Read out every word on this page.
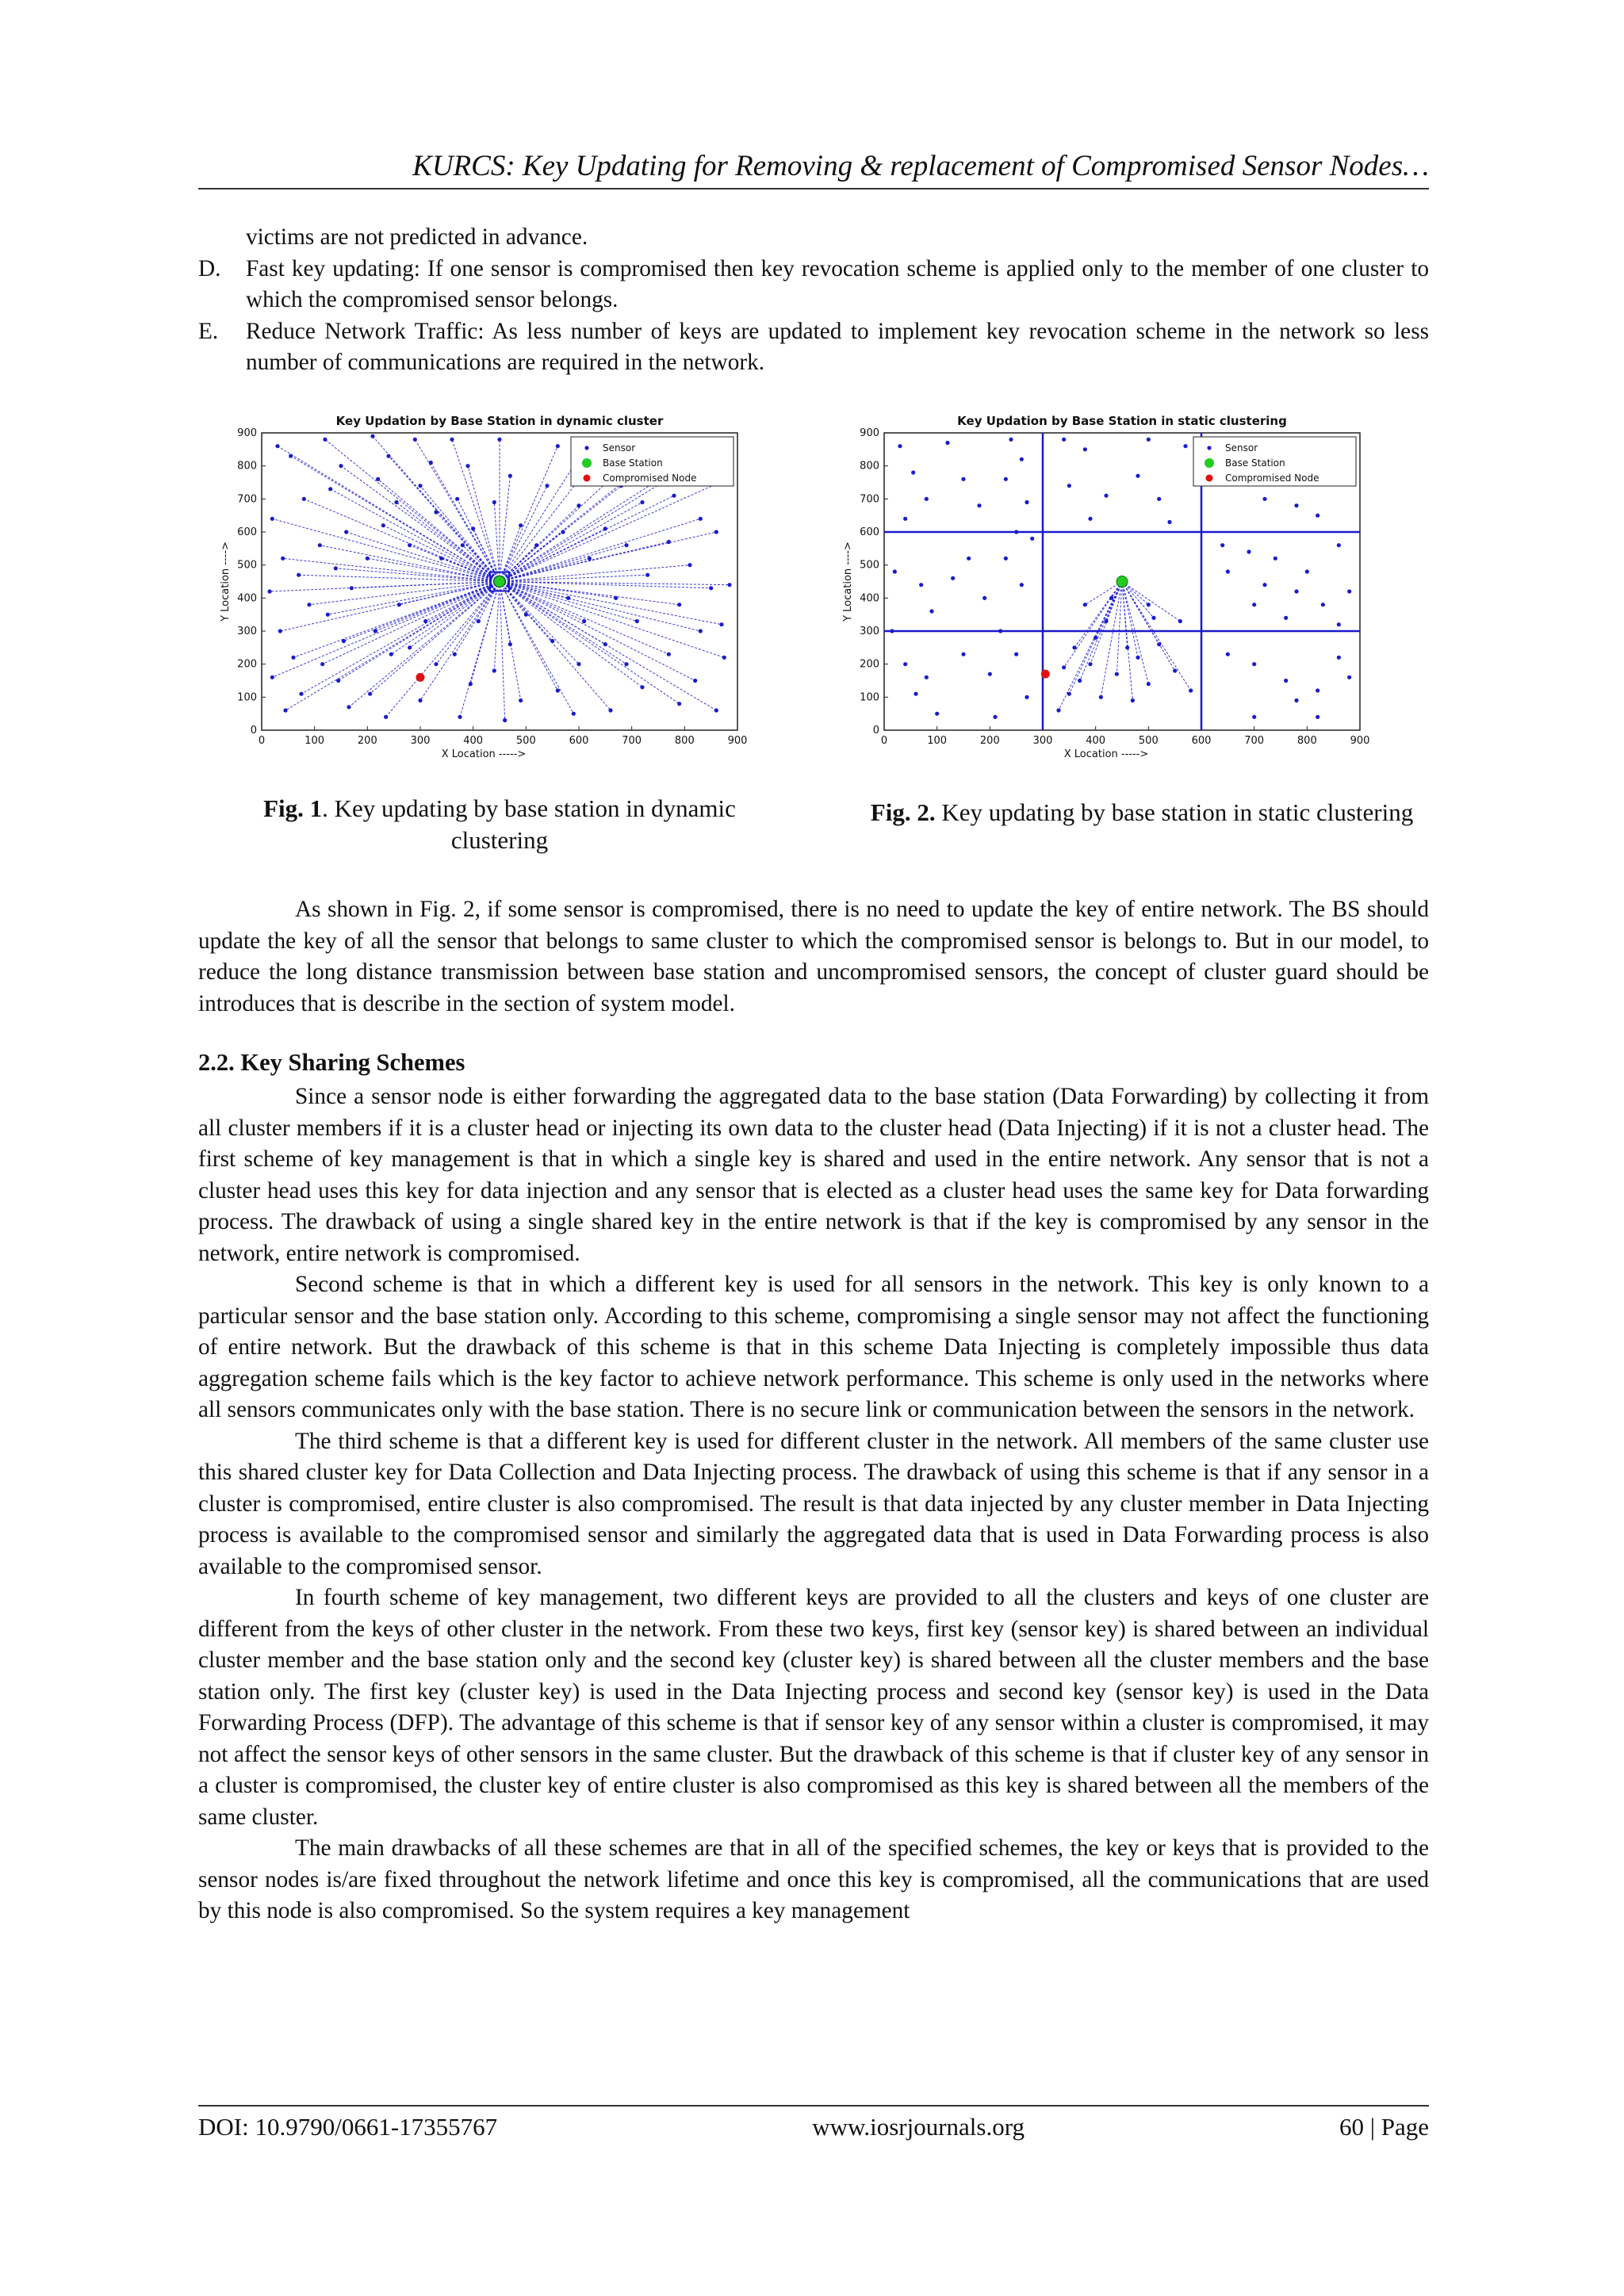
KURCS: Key Updating for Removing & replacement of Compromised Sensor Nodes…
victims are not predicted in advance.
D. Fast key updating: If one sensor is compromised then key revocation scheme is applied only to the member of one cluster to which the compromised sensor belongs.
E. Reduce Network Traffic: As less number of keys are updated to implement key revocation scheme in the network so less number of communications are required in the network.
Key Updation by Base Station in dynamic cluster
0	100	200	300	400	500	600	700	800	900
0
100
200
300
400
500
600
700
800
900
X Location ----->
Y Location ---->
Sensor
Base Station
Compromised Node
Key Updation by Base Station in static clustering
0	100	200	300	400	500	600	700	800	900
0
100
200
300
400
500
600
700
800
900
X Location ----->
Y Location ---->
Sensor
Base Station
Compromised Node
Fig. 1. Key updating by base station in dynamic clustering
Fig. 2. Key updating by base station in static clustering

As shown in Fig. 2, if some sensor is compromised, there is no need to update the key of entire network. The BS should update the key of all the sensor that belongs to same cluster to which the compromised sensor is belongs to. But in our model, to reduce the long distance transmission between base station and uncompromised sensors, the concept of cluster guard should be introduces that is describe in the section of system model.

2.2. Key Sharing Schemes

Since a sensor node is either forwarding the aggregated data to the base station (Data Forwarding) by collecting it from all cluster members if it is a cluster head or injecting its own data to the cluster head (Data Injecting) if it is not a cluster head. The first scheme of key management is that in which a single key is shared and used in the entire network. Any sensor that is not a cluster head uses this key for data injection and any sensor that is elected as a cluster head uses the same key for Data forwarding process. The drawback of using a single shared key in the entire network is that if the key is compromised by any sensor in the network, entire network is compromised.

Second scheme is that in which a different key is used for all sensors in the network. This key is only known to a particular sensor and the base station only. According to this scheme, compromising a single sensor may not affect the functioning of entire network. But the drawback of this scheme is that in this scheme Data Injecting is completely impossible thus data aggregation scheme fails which is the key factor to achieve network performance. This scheme is only used in the networks where all sensors communicates only with the base station. There is no secure link or communication between the sensors in the network.

The third scheme is that a different key is used for different cluster in the network. All members of the same cluster use this shared cluster key for Data Collection and Data Injecting process. The drawback of using this scheme is that if any sensor in a cluster is compromised, entire cluster is also compromised. The result is that data injected by any cluster member in Data Injecting process is available to the compromised sensor and similarly the aggregated data that is used in Data Forwarding process is also available to the compromised sensor.

In fourth scheme of key management, two different keys are provided to all the clusters and keys of one cluster are different from the keys of other cluster in the network. From these two keys, first key (sensor key) is shared between an individual cluster member and the base station only and the second key (cluster key) is shared between all the cluster members and the base station only. The first key (cluster key) is used in the Data Injecting process and second key (sensor key) is used in the Data Forwarding Process (DFP). The advantage of this scheme is that if sensor key of any sensor within a cluster is compromised, it may not affect the sensor keys of other sensors in the same cluster. But the drawback of this scheme is that if cluster key of any sensor in a cluster is compromised, the cluster key of entire cluster is also compromised as this key is shared between all the members of the same cluster.

The main drawbacks of all these schemes are that in all of the specified schemes, the key or keys that is provided to the sensor nodes is/are fixed throughout the network lifetime and once this key is compromised, all the communications that are used by this node is also compromised. So the system requires a key management

DOI: 10.9790/0661-17355767	www.iosrjournals.org	60 | Page
